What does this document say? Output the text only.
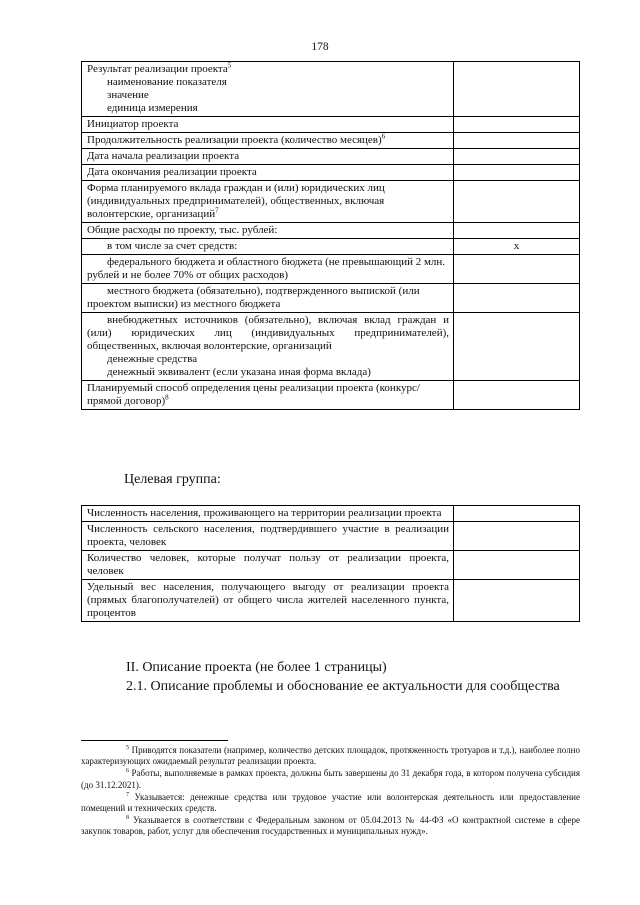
178
Результат реализации проекта$^5$
наименование показателя
значение
единица измерения	

Инициатор проекта	

Продолжительность реализации проекта (количество месяцев)$^6$

Дата начала реализации проекта	

Дата окончания реализации проекта	

Форма планируемого вклада граждан и (или) юридических лиц (индивидуальных предпринимателей), общественных, включая волонтерские, организаций$^7$

Общие расходы по проекту, тыс. рублей:	

в том числе за счет средств:	x

федерального бюджета и областного бюджета (не превышающий 2 млн. рублей и не более 70% от общих расходов)	

местного бюджета (обязательно), подтвержденного выпиской (или проектом выписки) из местного бюджета	

внебюджетных источников (обязательно), включая вклад граждан и (или) юридических лиц (индивидуальных предпринимателей), общественных, включая волонтерские, организаций
денежные средства
денежный эквивалент (если указана иная форма вклада)	

Планируемый способ определения цены реализации проекта (конкурс/ прямой договор)$^8$

Целевая группа:
Численность населения, проживающего на территории реализации проекта	

Численность сельского населения, подтвердившего участие в реализации проекта, человек	

Количество человек, которые получат пользу от реализации проекта, человек	

Удельный вес населения, получающего выгоду от реализации проекта (прямых благополучателей) от общего числа жителей населенного пункта, процентов	

II. Описание проекта (не более 1 страницы)
2.1. Описание проблемы и обоснование ее актуальности для сообщества
$^5$ Приводятся показатели (например, количество детских площадок, протяженность тротуаров и т.д.), наиболее полно характеризующих ожидаемый результат реализации проекта.
$^6$ Работы, выполняемые в рамках проекта, должны быть завершены до 31 декабря года, в котором получена субсидия (до 31.12.2021).
$^7$ Указывается: денежные средства или трудовое участие или волонтерская деятельность или предоставление помещений и технических средств.
$^8$ Указывается в соответствии с Федеральным законом от 05.04.2013 № 44-ФЗ «О контрактной системе в сфере закупок товаров, работ, услуг для обеспечения государственных и муниципальных нужд».
